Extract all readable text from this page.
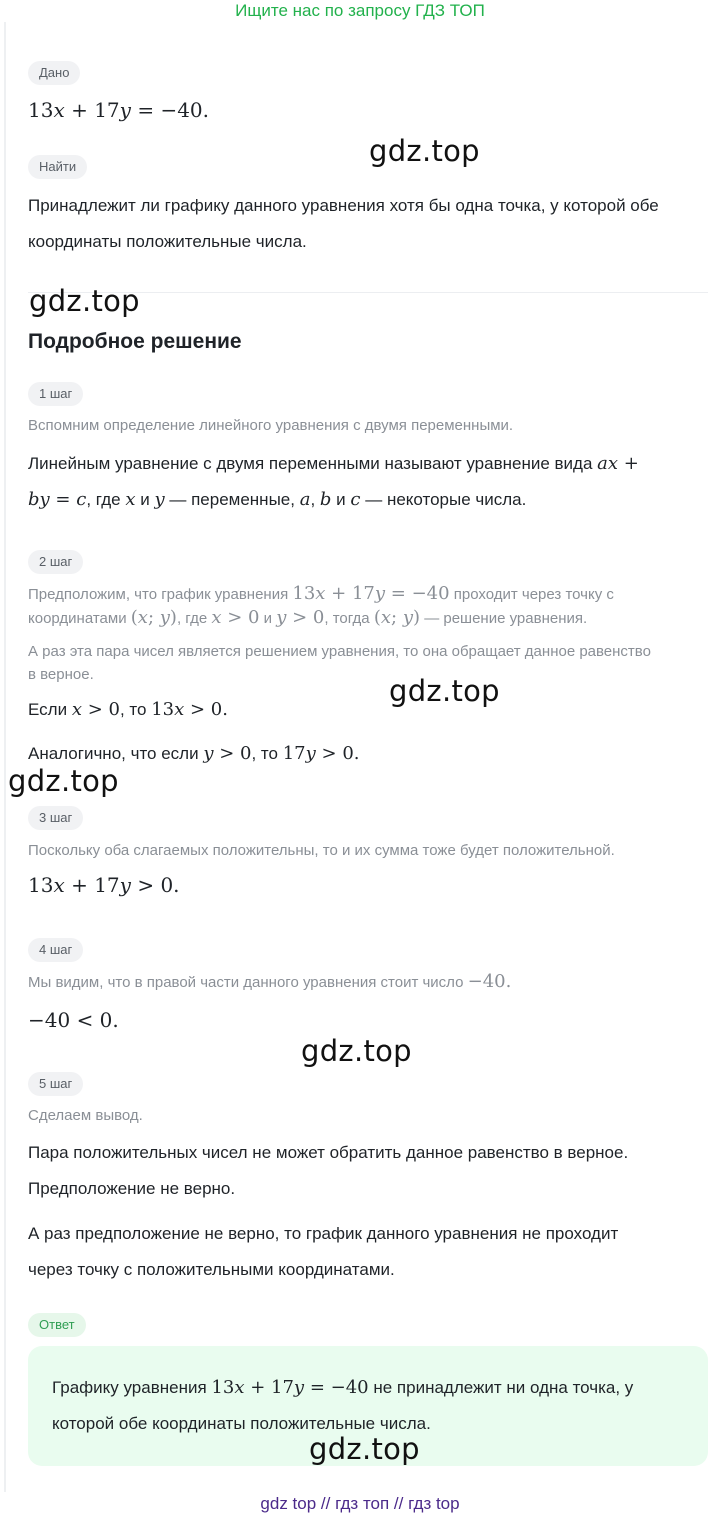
Ищите нас по запросу ГДЗ ТОП
Дано
13x + 17y = −40.
Найти	gdz.top
Принадлежит ли графику данного уравнения хотя бы одна точка, у которой обе
координаты положительные числа.
gdz.top
Подробное решение
1 шаг
Вспомним определение линейного уравнения с двумя переменными.
Линейным уравнение с двумя переменными называют уравнение вида ax +
by = c, где x и y — переменные, a, b и c — некоторые числа.
2 шаг
Предположим, что график уравнения 13x + 17y = −40 проходит через точку с
координатами (x; y), где x > 0 и y > 0, тогда (x; y) — решение уравнения.
А раз эта пара чисел является решением уравнения, то она обращает данное равенство
в верное.	gdz.top
Если x > 0, то 13x > 0.
Аналогично, что если y > 0, то 17y > 0.
gdz.top
3 шаг
Поскольку оба слагаемых положительны, то и их сумма тоже будет положительной.
13x + 17y > 0.
4 шаг
Мы видим, что в правой части данного уравнения стоит число −40.
−40 < 0.
gdz.top
5 шаг
Сделаем вывод.
Пара положительных чисел не может обратить данное равенство в верное.
Предположение не верно.
А раз предположение не верно, то график данного уравнения не проходит
через точку с положительными координатами.
Ответ
Графику уравнения 13x + 17y = −40 не принадлежит ни одна точка, у
которой обе координаты положительные числа.
gdz.top
gdz top // гдз топ // гдз top
